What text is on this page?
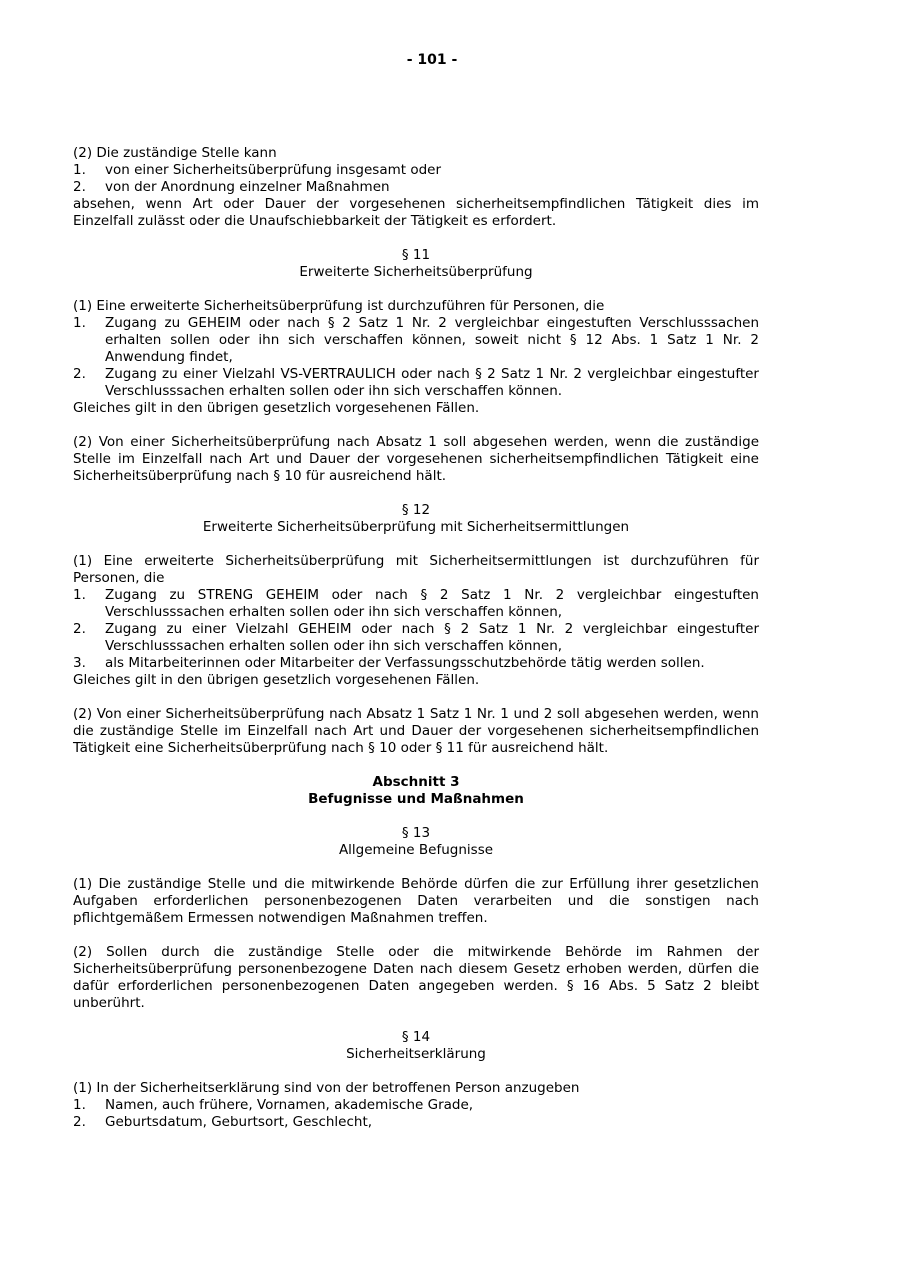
- 101 -

(2) Die zuständige Stelle kann

1. von einer Sicherheitsüberprüfung insgesamt oder
2. von der Anordnung einzelner Maßnahmen

absehen, wenn Art oder Dauer der vorgesehenen sicherheitsempfindlichen Tätigkeit dies im Einzelfall zulässt oder die Unaufschiebbarkeit der Tätigkeit es erfordert.

§ 11
Erweiterte Sicherheitsüberprüfung

(1) Eine erweiterte Sicherheitsüberprüfung ist durchzuführen für Personen, die

1. Zugang zu GEHEIM oder nach § 2 Satz 1 Nr. 2 vergleichbar eingestuften Verschlusssachen erhalten sollen oder ihn sich verschaffen können, soweit nicht § 12 Abs. 1 Satz 1 Nr. 2 Anwendung findet,
2. Zugang zu einer Vielzahl VS-VERTRAULICH oder nach § 2 Satz 1 Nr. 2 vergleichbar eingestufter Verschlusssachen erhalten sollen oder ihn sich verschaffen können.

Gleiches gilt in den übrigen gesetzlich vorgesehenen Fällen.

(2) Von einer Sicherheitsüberprüfung nach Absatz 1 soll abgesehen werden, wenn die zuständige Stelle im Einzelfall nach Art und Dauer der vorgesehenen sicherheitsempfindlichen Tätigkeit eine Sicherheitsüberprüfung nach § 10 für ausreichend hält.

§ 12
Erweiterte Sicherheitsüberprüfung mit Sicherheitsermittlungen

(1) Eine erweiterte Sicherheitsüberprüfung mit Sicherheitsermittlungen ist durchzuführen für Personen, die

1. Zugang zu STRENG GEHEIM oder nach § 2 Satz 1 Nr. 2 vergleichbar eingestuften Verschlusssachen erhalten sollen oder ihn sich verschaffen können,
2. Zugang zu einer Vielzahl GEHEIM oder nach § 2 Satz 1 Nr. 2 vergleichbar eingestufter Verschlusssachen erhalten sollen oder ihn sich verschaffen können,
3. als Mitarbeiterinnen oder Mitarbeiter der Verfassungsschutzbehörde tätig werden sollen.

Gleiches gilt in den übrigen gesetzlich vorgesehenen Fällen.

(2) Von einer Sicherheitsüberprüfung nach Absatz 1 Satz 1 Nr. 1 und 2 soll abgesehen werden, wenn die zuständige Stelle im Einzelfall nach Art und Dauer der vorgesehenen sicherheitsempfindlichen Tätigkeit eine Sicherheitsüberprüfung nach § 10 oder § 11 für ausreichend hält.

Abschnitt 3
Befugnisse und Maßnahmen
§ 13
Allgemeine Befugnisse

(1) Die zuständige Stelle und die mitwirkende Behörde dürfen die zur Erfüllung ihrer gesetzlichen Aufgaben erforderlichen personenbezogenen Daten verarbeiten und die sonstigen nach pflichtgemäßem Ermessen notwendigen Maßnahmen treffen.

(2) Sollen durch die zuständige Stelle oder die mitwirkende Behörde im Rahmen der Sicherheitsüberprüfung personenbezogene Daten nach diesem Gesetz erhoben werden, dürfen die dafür erforderlichen personenbezogenen Daten angegeben werden. § 16 Abs. 5 Satz 2 bleibt unberührt.

§ 14
Sicherheitserklärung

(1) In der Sicherheitserklärung sind von der betroffenen Person anzugeben

1. Namen, auch frühere, Vornamen, akademische Grade,
2. Geburtsdatum, Geburtsort, Geschlecht,
